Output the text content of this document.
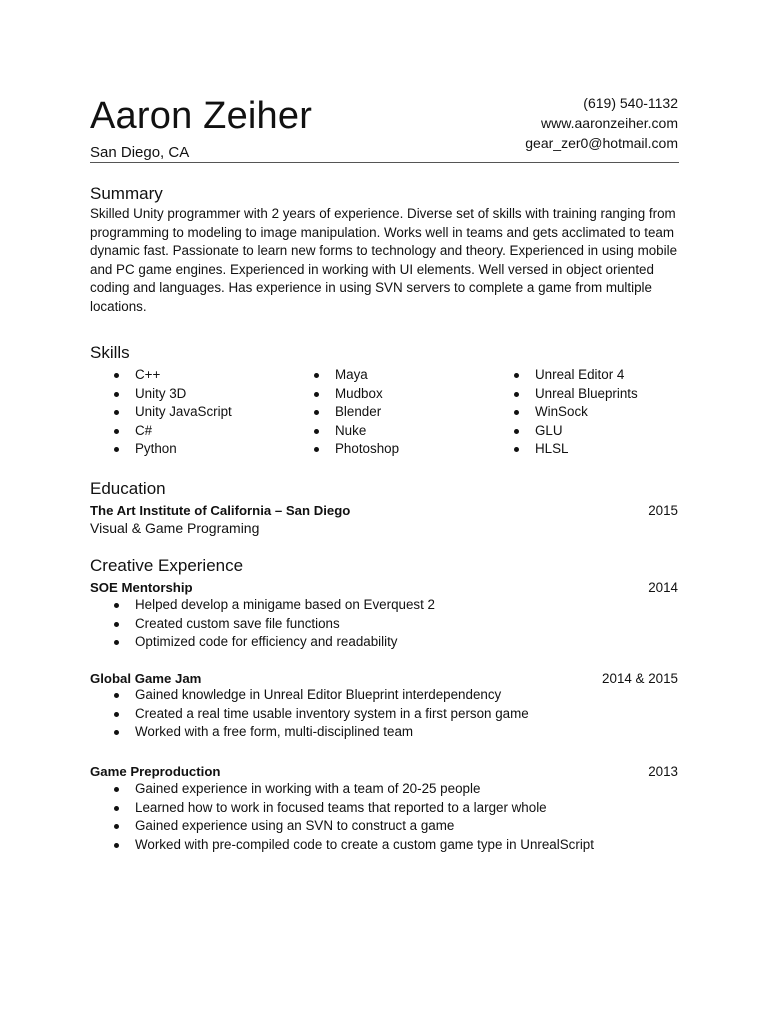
Aaron Zeiher
San Diego, CA
(619) 540-1132
www.aaronzeiher.com
gear_zer0@hotmail.com
Summary
Skilled Unity programmer with 2 years of experience. Diverse set of skills with training ranging from programming to modeling to image manipulation. Works well in teams and gets acclimated to team dynamic fast. Passionate to learn new forms to technology and theory. Experienced in using mobile and PC game engines. Experienced in working with UI elements. Well versed in object oriented coding and languages. Has experience in using SVN servers to complete a game from multiple locations.
Skills
C++
Unity 3D
Unity JavaScript
C#
Python
Maya
Mudbox
Blender
Nuke
Photoshop
Unreal Editor 4
Unreal Blueprints
WinSock
GLU
HLSL
Education
The Art Institute of California – San Diego	2015
Visual & Game Programing
Creative Experience
SOE Mentorship	2014
Helped develop a minigame based on Everquest 2
Created custom save file functions
Optimized code for efficiency and readability
Global Game Jam	2014 & 2015
Gained knowledge in Unreal Editor Blueprint interdependency
Created a real time usable inventory system in a first person game
Worked with a free form, multi-disciplined team
Game Preproduction	2013
Gained experience in working with a team of 20-25 people
Learned how to work in focused teams that reported to a larger whole
Gained experience using an SVN to construct a game
Worked with pre-compiled code to create a custom game type in UnrealScript
